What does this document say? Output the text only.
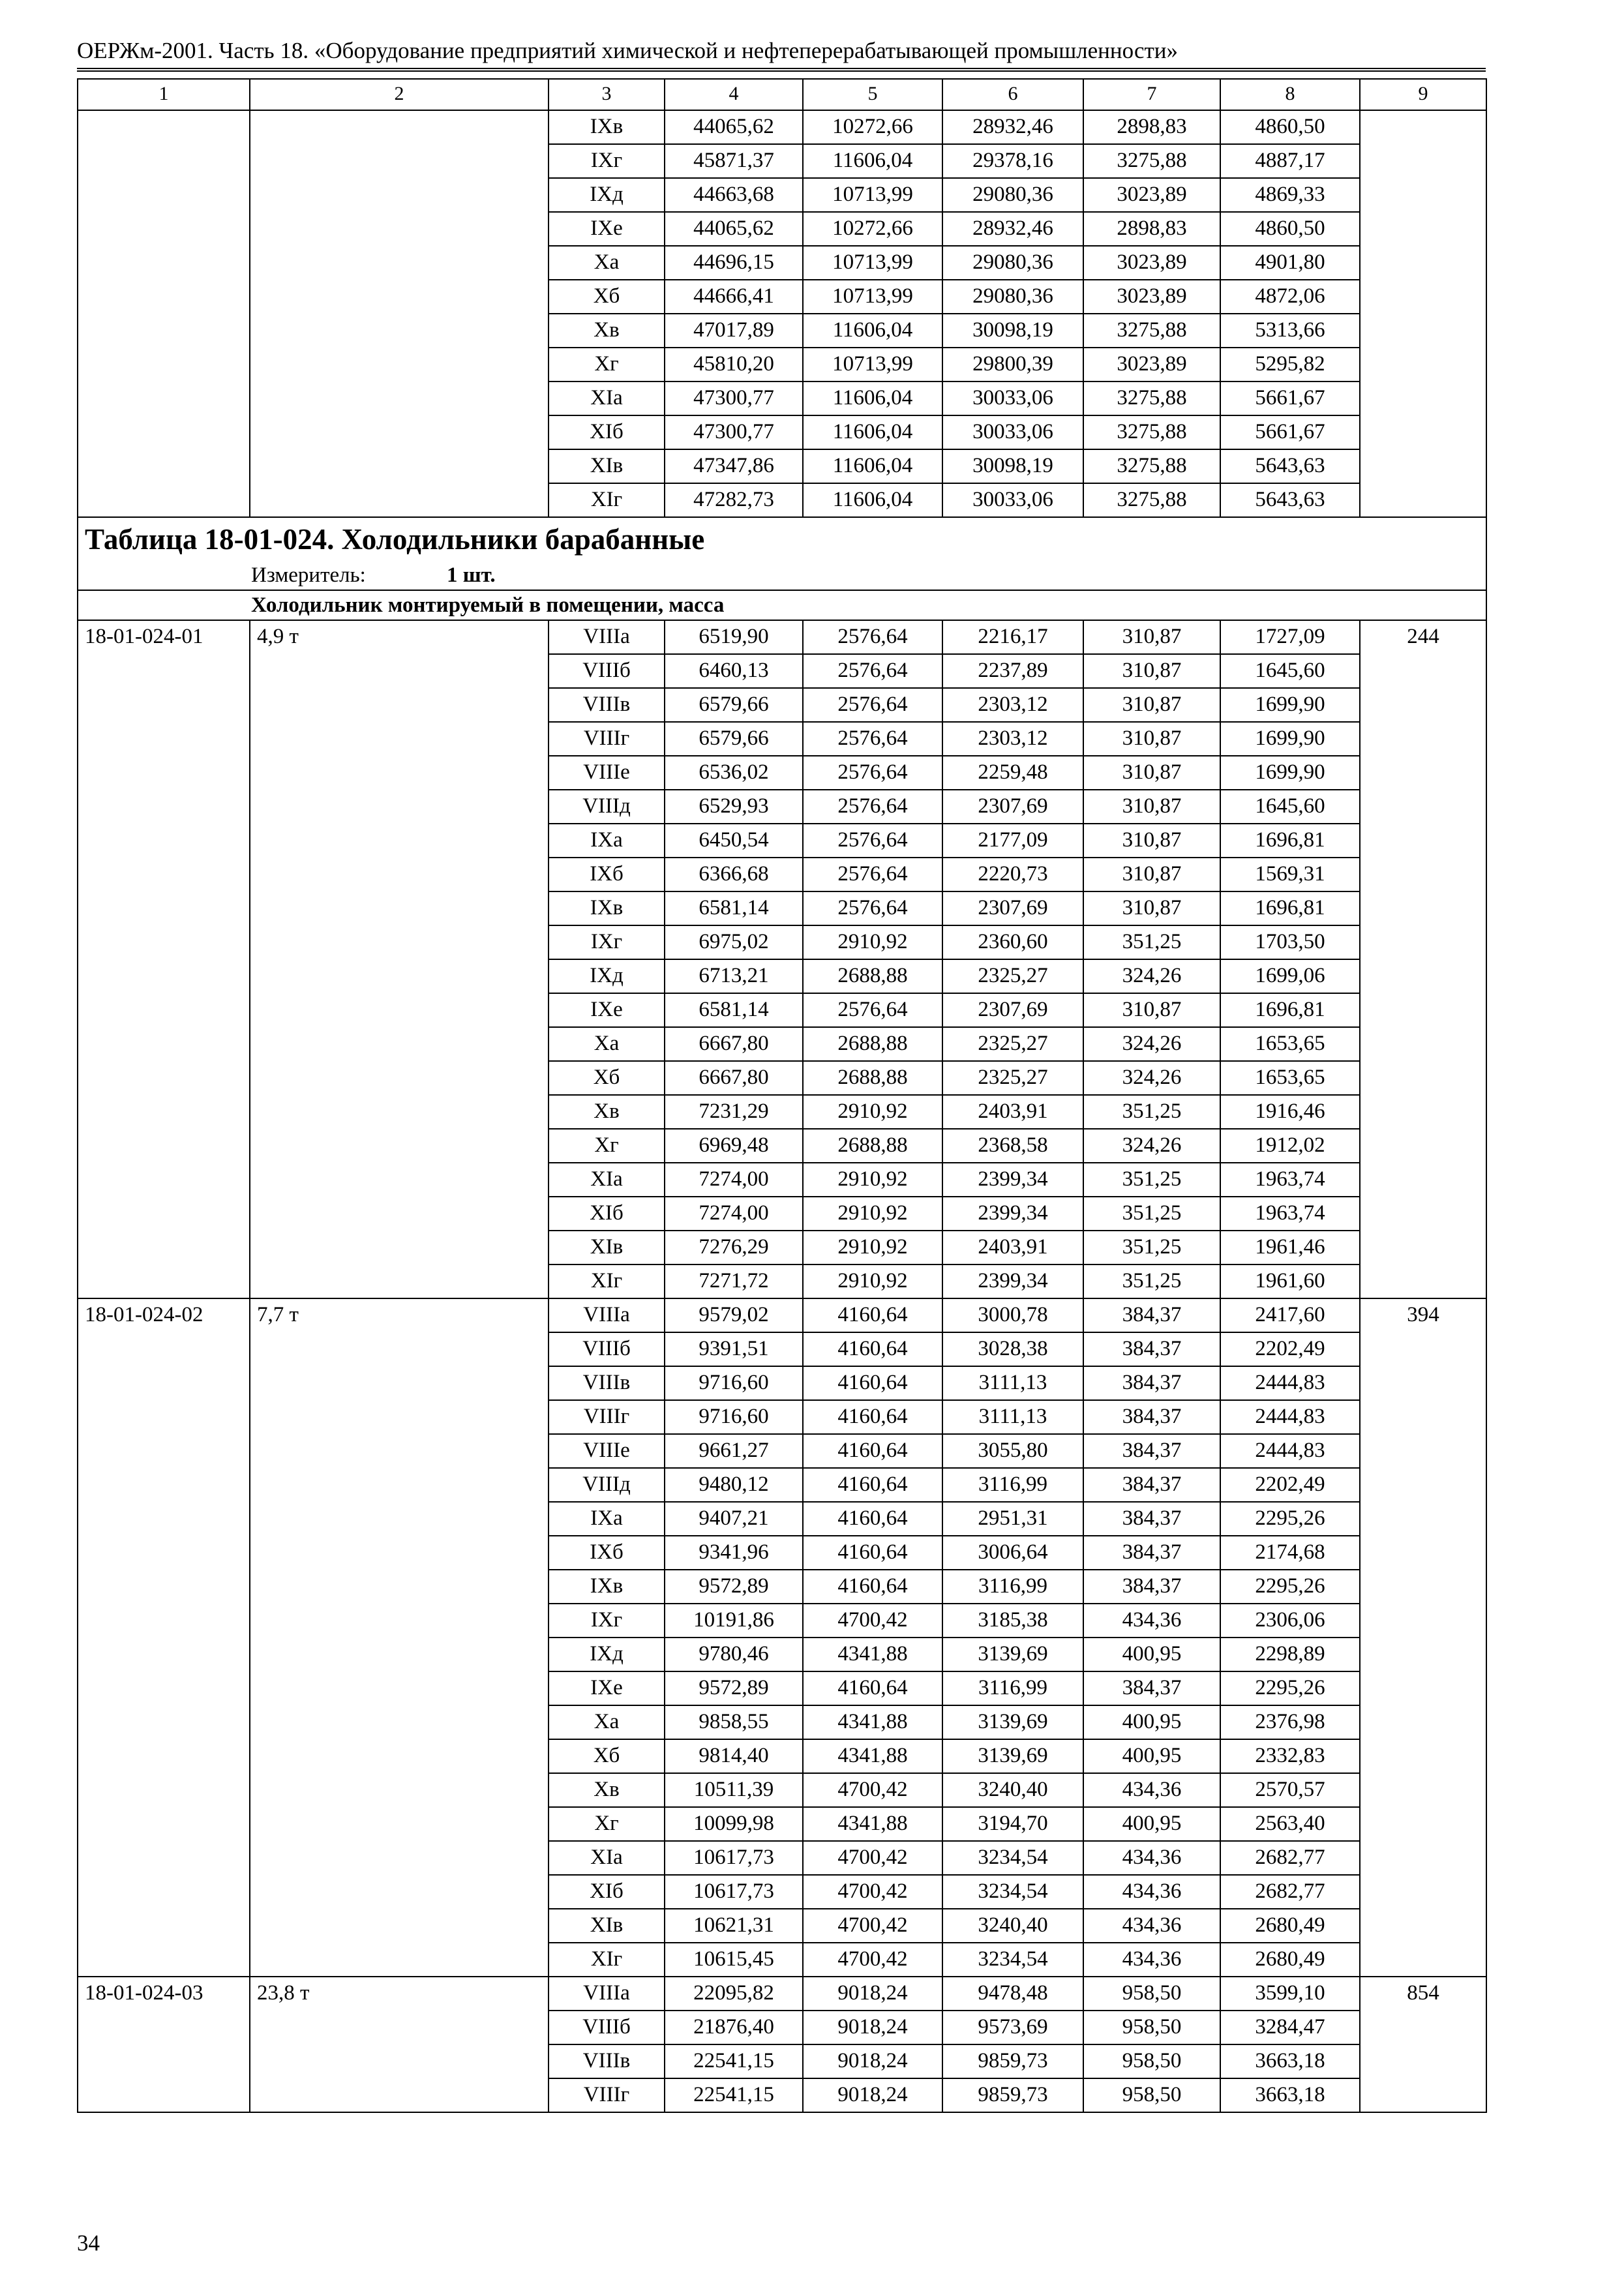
ОЕРЖм-2001. Часть 18. «Оборудование предприятий химической и нефтеперерабатывающей промышленности»
1	2	3	4	5	6	7	8	9
		IXв	44065,62	10272,66	28932,46	2898,83	4860,50	
		IXг	45871,37	11606,04	29378,16	3275,88	4887,17	
		IXд	44663,68	10713,99	29080,36	3023,89	4869,33	
		IXе	44065,62	10272,66	28932,46	2898,83	4860,50	
		Xа	44696,15	10713,99	29080,36	3023,89	4901,80	
		Xб	44666,41	10713,99	29080,36	3023,89	4872,06	
		Xв	47017,89	11606,04	30098,19	3275,88	5313,66	
		Xг	45810,20	10713,99	29800,39	3023,89	5295,82	
		XIа	47300,77	11606,04	30033,06	3275,88	5661,67	
		XIб	47300,77	11606,04	30033,06	3275,88	5661,67	
		XIв	47347,86	11606,04	30098,19	3275,88	5643,63	
		XIг	47282,73	11606,04	30033,06	3275,88	5643,63	
Таблица 18-01-024. Холодильники барабанные								
Измеритель: 1 шт.								
Холодильник монтируемый в помещении, масса								
18-01-024-01	4,9 т	VIIIа	6519,90	2576,64	2216,17	310,87	1727,09	244
		VIIIб	6460,13	2576,64	2237,89	310,87	1645,60	
		VIIIв	6579,66	2576,64	2303,12	310,87	1699,90	
		VIIIг	6579,66	2576,64	2303,12	310,87	1699,90	
		VIIIе	6536,02	2576,64	2259,48	310,87	1699,90	
		VIIIд	6529,93	2576,64	2307,69	310,87	1645,60	
		IXа	6450,54	2576,64	2177,09	310,87	1696,81	
		IXб	6366,68	2576,64	2220,73	310,87	1569,31	
		IXв	6581,14	2576,64	2307,69	310,87	1696,81	
		IXг	6975,02	2910,92	2360,60	351,25	1703,50	
		IXд	6713,21	2688,88	2325,27	324,26	1699,06	
		IXе	6581,14	2576,64	2307,69	310,87	1696,81	
		Xа	6667,80	2688,88	2325,27	324,26	1653,65	
		Xб	6667,80	2688,88	2325,27	324,26	1653,65	
		Xв	7231,29	2910,92	2403,91	351,25	1916,46	
		Xг	6969,48	2688,88	2368,58	324,26	1912,02	
		XIа	7274,00	2910,92	2399,34	351,25	1963,74	
		XIб	7274,00	2910,92	2399,34	351,25	1963,74	
		XIв	7276,29	2910,92	2403,91	351,25	1961,46	
		XIг	7271,72	2910,92	2399,34	351,25	1961,60	
18-01-024-02	7,7 т	VIIIа	9579,02	4160,64	3000,78	384,37	2417,60	394
		VIIIб	9391,51	4160,64	3028,38	384,37	2202,49	
		VIIIв	9716,60	4160,64	3111,13	384,37	2444,83	
		VIIIг	9716,60	4160,64	3111,13	384,37	2444,83	
		VIIIе	9661,27	4160,64	3055,80	384,37	2444,83	
		VIIIд	9480,12	4160,64	3116,99	384,37	2202,49	
		IXа	9407,21	4160,64	2951,31	384,37	2295,26	
		IXб	9341,96	4160,64	3006,64	384,37	2174,68	
		IXв	9572,89	4160,64	3116,99	384,37	2295,26	
		IXг	10191,86	4700,42	3185,38	434,36	2306,06	
		IXд	9780,46	4341,88	3139,69	400,95	2298,89	
		IXе	9572,89	4160,64	3116,99	384,37	2295,26	
		Xа	9858,55	4341,88	3139,69	400,95	2376,98	
		Xб	9814,40	4341,88	3139,69	400,95	2332,83	
		Xв	10511,39	4700,42	3240,40	434,36	2570,57	
		Xг	10099,98	4341,88	3194,70	400,95	2563,40	
		XIа	10617,73	4700,42	3234,54	434,36	2682,77	
		XIб	10617,73	4700,42	3234,54	434,36	2682,77	
		XIв	10621,31	4700,42	3240,40	434,36	2680,49	
		XIг	10615,45	4700,42	3234,54	434,36	2680,49	
18-01-024-03	23,8 т	VIIIа	22095,82	9018,24	9478,48	958,50	3599,10	854
		VIIIб	21876,40	9018,24	9573,69	958,50	3284,47	
		VIIIв	22541,15	9018,24	9859,73	958,50	3663,18	
		VIIIг	22541,15	9018,24	9859,73	958,50	3663,18	
34
